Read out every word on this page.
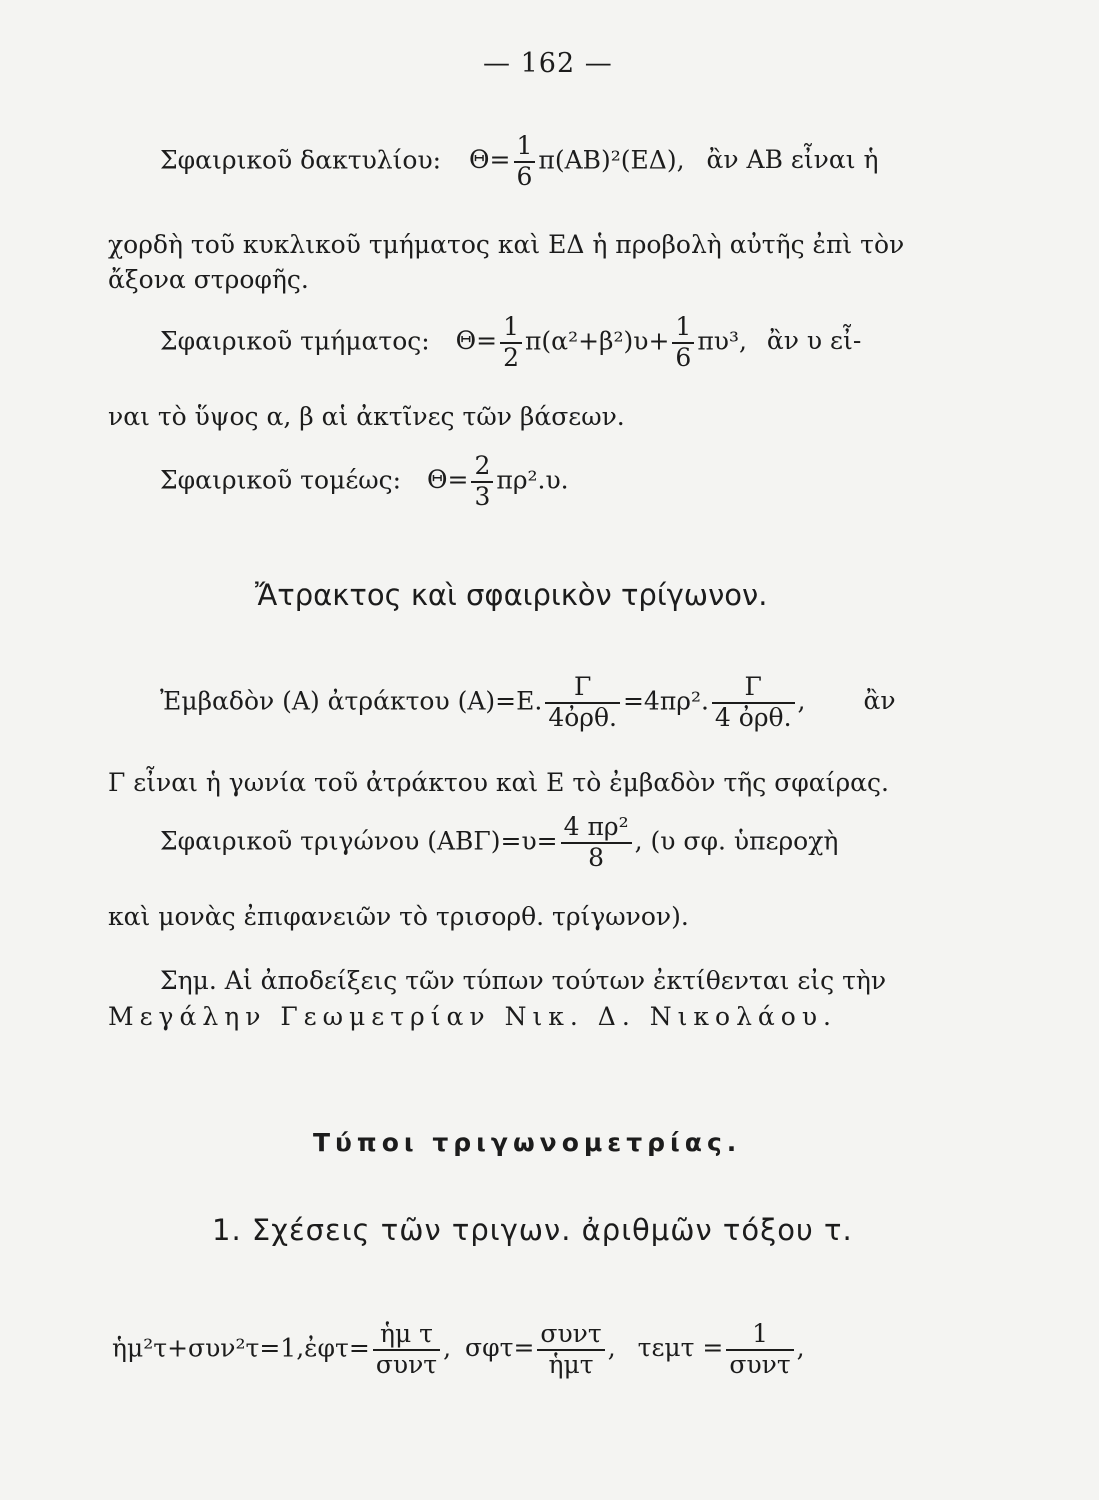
— 162 —
Σφαιρικοῦ δακτυλίου: $\Theta= \frac{1}{6} \pi(AB)^2(E\Delta)$, ἂν ΑΒ εἶναι ἡ
χορδὴ τοῦ κυκλικοῦ τμήματος καὶ ΕΔ ἡ προβολὴ αὐτῆς ἐπὶ τὸν
ἄξονα στροφῆς.
Σφαιρικοῦ τμήματος: $\Theta= \frac{1}{2} \pi(\alpha^2+\beta^2)\upsilon+ \frac{1}{6} \pi\upsilon^3$, ἂν υ εἶ-
ναι τὸ ὕψος α, β αἱ ἀκτῖνες τῶν βάσεων.
Σφαιρικοῦ τομέως: $\Theta= \frac{2}{3} \pi\rho^2.\upsilon$.
Ἄτρακτος καὶ σφαιρικὸν τρίγωνον.
Ἐμβαδὸν (Α) ἀτράκτου (Α)=Ε. $\frac{\Gamma}{\text{4ὀρθ.}} =4\pi\rho^2$. $\frac{\Gamma}{\text{4 ὀρθ.}}$ , ἂν
Γ εἶναι ἡ γωνία τοῦ ἀτράκτου καὶ Ε τὸ ἐμβαδὸν τῆς σφαίρας.
Σφαιρικοῦ τριγώνου $(AB\Gamma)=\upsilon= \frac{\text{4 πρ²}}{8}$ , (υ σφ. ὑπεροχὴ
καὶ μονὰς ἐπιφανειῶν τὸ τρισορθ. τρίγωνον).
Σημ. Αἱ ἀποδείξεις τῶν τύπων τούτων ἐκτίθενται εἰς τὴν
Μεγάλην Γεωμετρίαν Νικ. Δ. Νικολάου.
Τύποι τριγωνομετρίας.
1. Σχέσεις τῶν τριγων. ἀριθμῶν τόξου τ.
ἡμ²τ+συν²τ=1,ἐφτ= $\frac{\text{ἡμ τ}}{\text{συντ}}$ , $\sigma\varphi\tau= \frac{\text{συντ}}{\text{ἡμτ}}$ , $\tau\varepsilon\mu\tau = \frac{1}{\text{συντ}}$ ,
